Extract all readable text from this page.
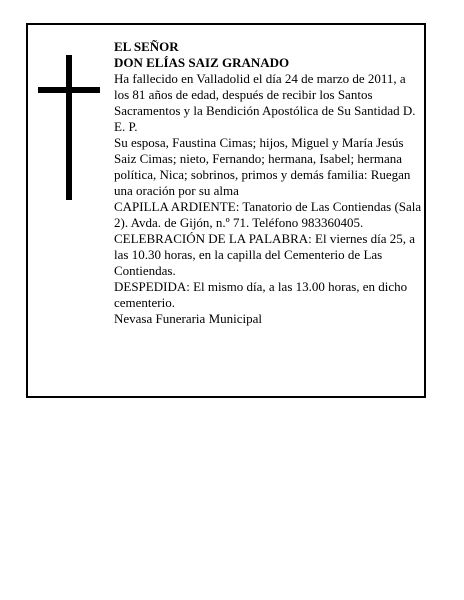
EL SEÑOR

DON ELÍAS SAIZ GRANADO

Ha fallecido en Valladolid el día 24 de marzo de 2011, a los 81 años de edad, después de recibir los Santos Sacramentos y la Bendición Apostólica de Su Santidad D. E. P.

Su esposa, Faustina Cimas; hijos, Miguel y María Jesús Saiz Cimas; nieto, Fernando; hermana, Isabel; hermana política, Nica; sobrinos, primos y demás familia: Ruegan una oración por su alma

CAPILLA ARDIENTE: Tanatorio de Las Contiendas (Sala 2). Avda. de Gijón, n.º 71. Teléfono 983360405.

CELEBRACIÓN DE LA PALABRA: El viernes día 25, a las 10.30 horas, en la capilla del Cementerio de Las Contiendas.

DESPEDIDA: El mismo día, a las 13.00 horas, en dicho cementerio.

Nevasa Funeraria Municipal
